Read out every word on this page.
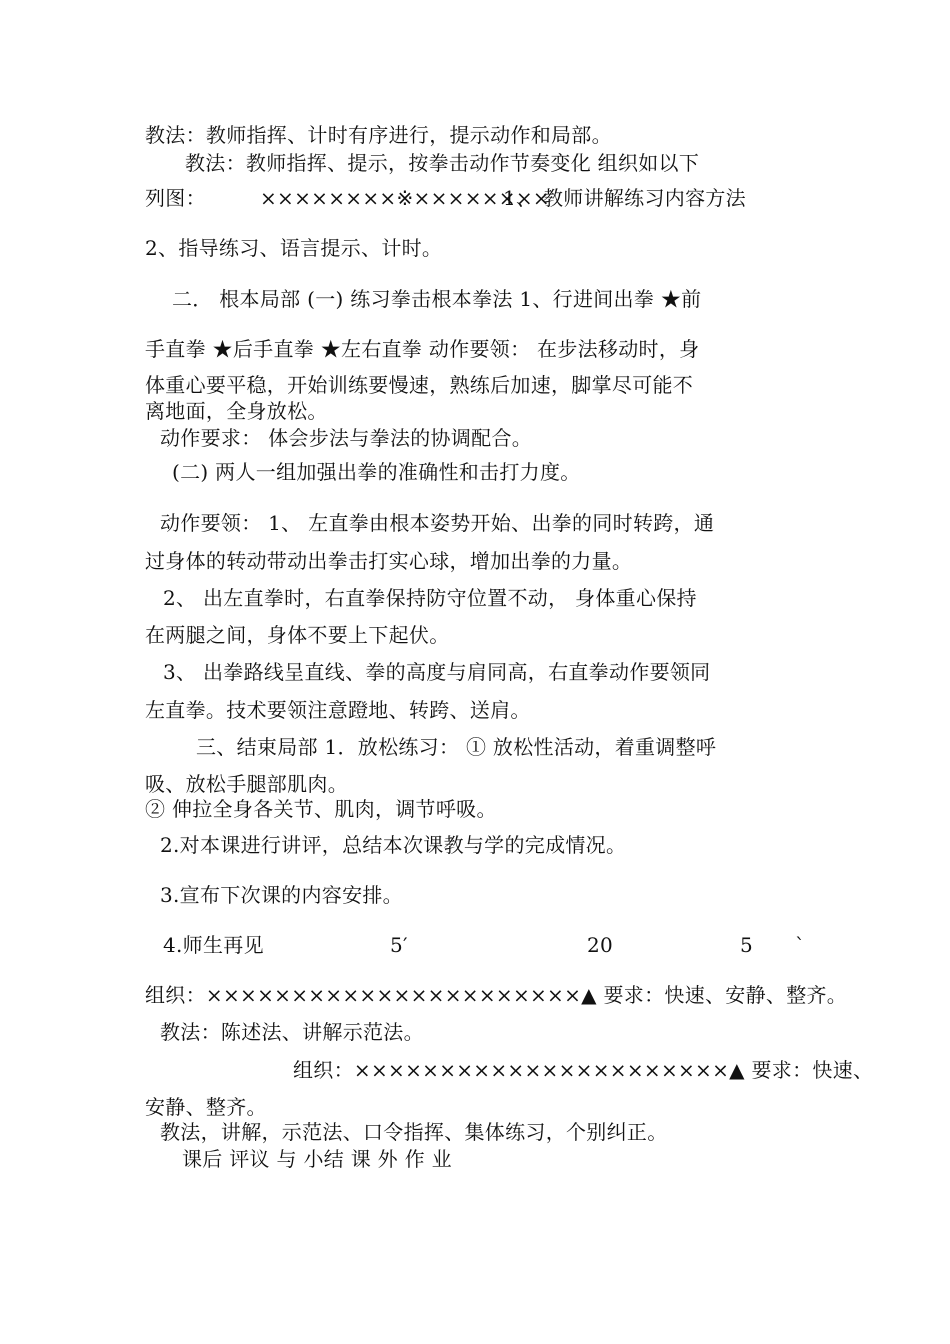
教法：教师指挥、计时有序进行，提示动作和局部。
教法：教师指挥、提示，按拳击动作节奏变化 组织如以下
列图：	××××××××※××××××××
1、 教师讲解练习内容方法
2、指导练习、语言提示、计时。
二． 根本局部 (一) 练习拳击根本拳法 1、行进间出拳 ★前
手直拳 ★后手直拳 ★左右直拳 动作要领： 在步法移动时，身
体重心要平稳，开始训练要慢速，熟练后加速，脚掌尽可能不
离地面，全身放松。
动作要求： 体会步法与拳法的协调配合。
(二) 两人一组加强出拳的准确性和击打力度。
动作要领： 1、 左直拳由根本姿势开始、出拳的同时转跨，通
过身体的转动带动出拳击打实心球，增加出拳的力量。
2、 出左直拳时，右直拳保持防守位置不动， 身体重心保持
在两腿之间，身体不要上下起伏。
3、 出拳路线呈直线、拳的高度与肩同高，右直拳动作要领同
左直拳。技术要领注意蹬地、转跨、送肩。
三、结束局部 1．放松练习： ① 放松性活动，着重调整呼
吸、放松手腿部肌肉。
② 伸拉全身各关节、肌肉，调节呼吸。
2.对本课进行讲评，总结本次课教与学的完成情况。
3.宣布下次课的内容安排。
4.师生再见	5′	20	5	`
组织：××××××××××××××××××××××▲ 要求：快速、安静、整齐。
教法：陈述法、讲解示范法。
组织：××××××××××××××××××××××▲ 要求：快速、
安静、整齐。
教法，讲解，示范法、口令指挥、集体练习，个别纠正。
课后 评议 与 小结 课 外 作 业
